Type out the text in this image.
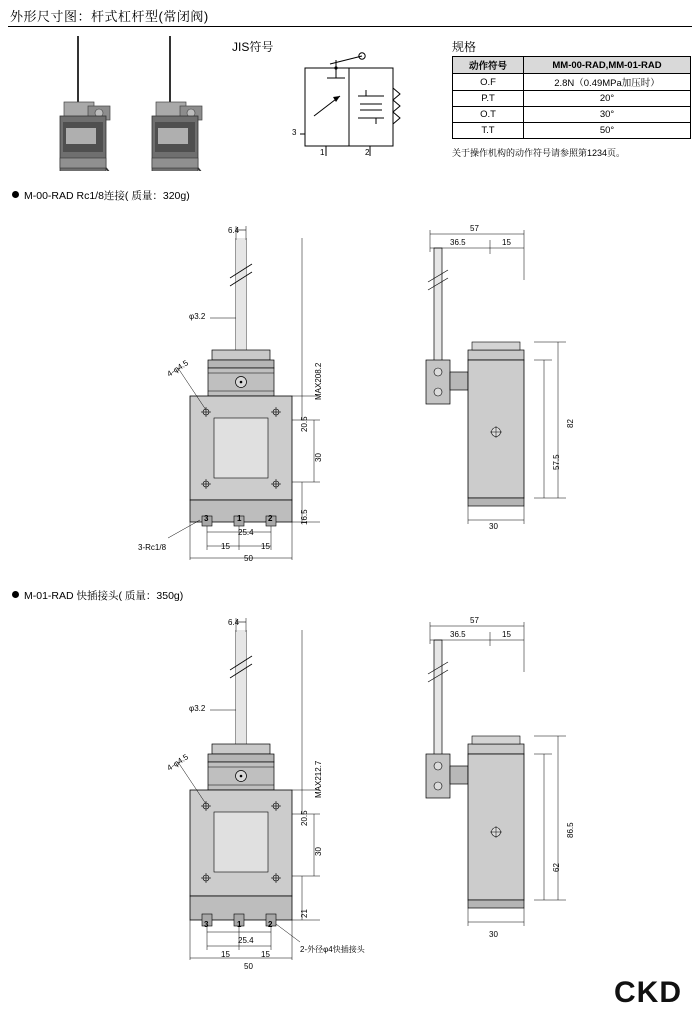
外形尺寸图：杆式杠杆型(常闭阀)
JIS符号
3
1	2
规格
动作符号	MM-00-RAD,MM-01-RAD
O.F	2.8N（0.49MPa加压时）
P.T	20°
O.T	30°
T.T	50°
关于操作机构的动作符号请参照第1234页。
M-00-RAD Rc1/8连接( 质量：320g)
6.4
φ3.2
4-φ4.5	MAX208.2
20.5
30
16.5
25.4
15	15
50
3-Rc1/8
3	1	2
57
36.5	15
82
57.5
30
M-01-RAD 快插接头( 质量：350g)
6.4
φ3.2
4-φ4.5	MAX212.7
20.5
30
21
25.4
15	15
50
2-外径φ4快插接头
3	1	2
57
36.5	15
86.5
62
30
CKD
